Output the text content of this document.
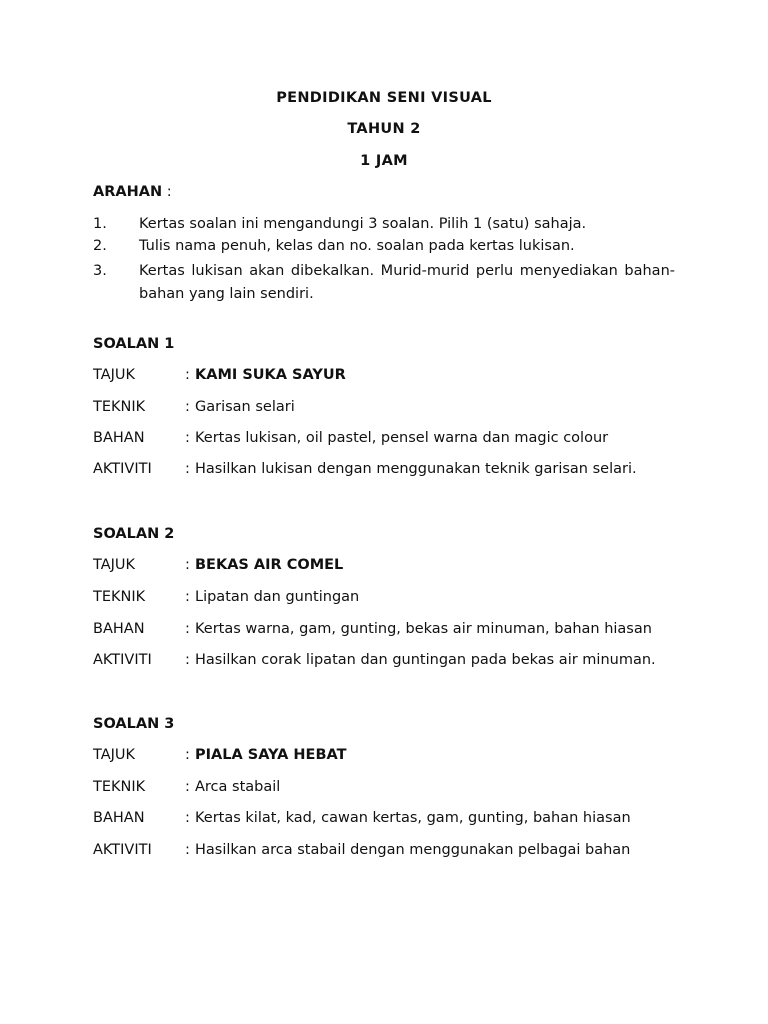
PENDIDIKAN SENI VISUAL
TAHUN 2
1 JAM
ARAHAN :
1. Kertas soalan ini mengandungi 3 soalan. Pilih 1 (satu) sahaja.
2. Tulis nama penuh, kelas dan no. soalan pada kertas lukisan.
3. Kertas lukisan akan dibekalkan. Murid-murid perlu menyediakan bahan-bahan yang lain sendiri.
SOALAN 1
TAJUK	: KAMI SUKA SAYUR
TEKNIK	: Garisan selari
BAHAN	: Kertas lukisan, oil pastel, pensel warna dan magic colour
AKTIVITI : Hasilkan lukisan dengan menggunakan teknik garisan selari.
SOALAN 2
TAJUK	: BEKAS AIR COMEL
TEKNIK	: Lipatan dan guntingan
BAHAN	: Kertas warna, gam, gunting, bekas air minuman, bahan hiasan
AKTIVITI : Hasilkan corak lipatan dan guntingan pada bekas air minuman.
SOALAN 3
TAJUK	: PIALA SAYA HEBAT
TEKNIK	: Arca stabail
BAHAN	: Kertas kilat, kad, cawan kertas, gam, gunting, bahan hiasan
AKTIVITI : Hasilkan arca stabail dengan menggunakan pelbagai bahan
